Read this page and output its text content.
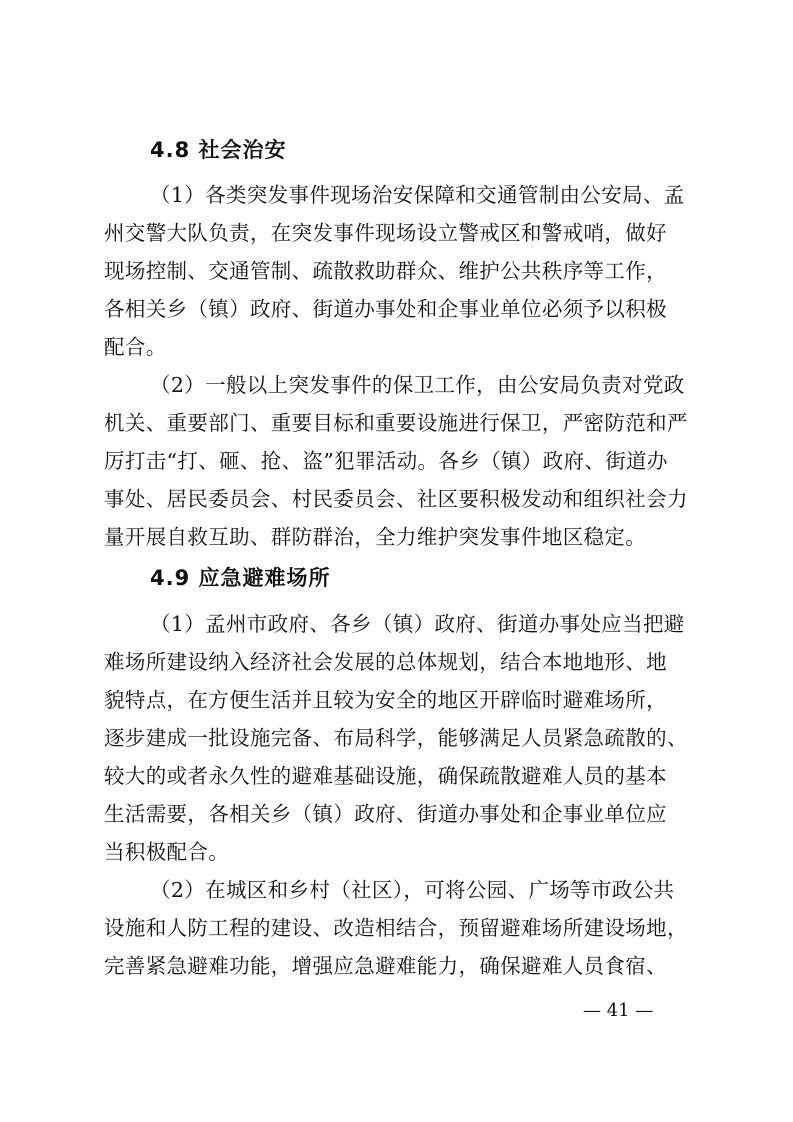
4.8 社会治安
（1）各类突发事件现场治安保障和交通管制由公安局、孟
州交警大队负责，在突发事件现场设立警戒区和警戒哨，做好
现场控制、交通管制、疏散救助群众、维护公共秩序等工作，
各相关乡（镇）政府、街道办事处和企事业单位必须予以积极
配合。
（2）一般以上突发事件的保卫工作，由公安局负责对党政
机关、重要部门、重要目标和重要设施进行保卫，严密防范和严
厉打击“打、砸、抢、盗”犯罪活动。各乡（镇）政府、街道办
事处、居民委员会、村民委员会、社区要积极发动和组织社会力
量开展自救互助、群防群治，全力维护突发事件地区稳定。
4.9 应急避难场所
（1）孟州市政府、各乡（镇）政府、街道办事处应当把避
难场所建设纳入经济社会发展的总体规划，结合本地地形、地
貌特点，在方便生活并且较为安全的地区开辟临时避难场所，
逐步建成一批设施完备、布局科学，能够满足人员紧急疏散的、
较大的或者永久性的避难基础设施，确保疏散避难人员的基本
生活需要，各相关乡（镇）政府、街道办事处和企事业单位应
当积极配合。
（2）在城区和乡村（社区），可将公园、广场等市政公共
设施和人防工程的建设、改造相结合，预留避难场所建设场地，
完善紧急避难功能，增强应急避难能力，确保避难人员食宿、
— 41 —
